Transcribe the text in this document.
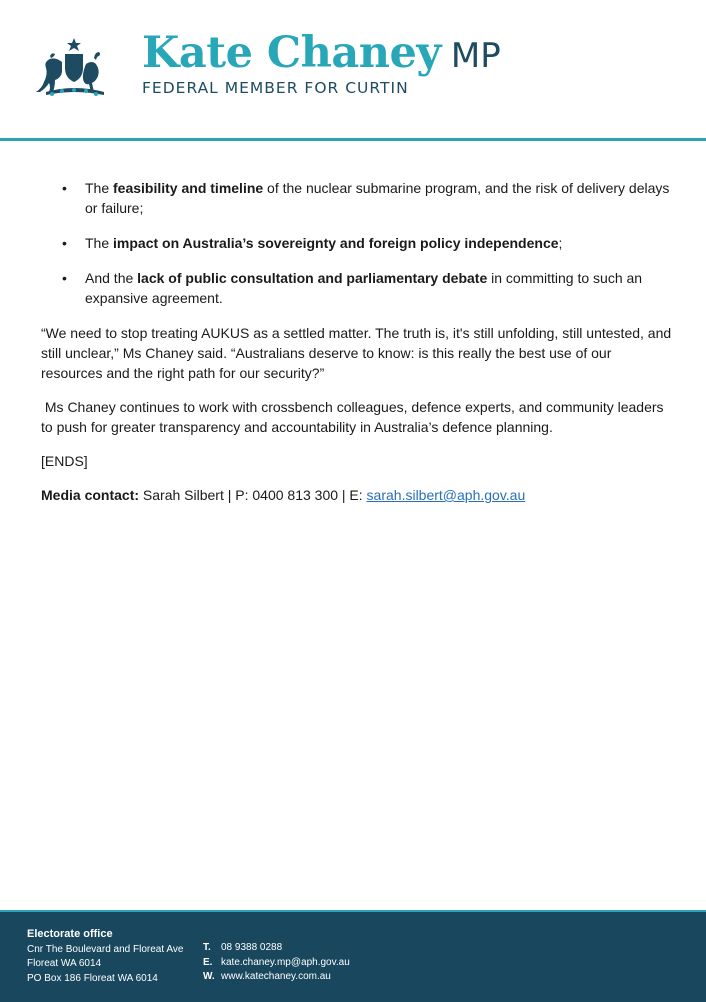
Kate Chaney MP
FEDERAL MEMBER FOR CURTIN
• The feasibility and timeline of the nuclear submarine program, and the risk of delivery delays or failure;
• The impact on Australia’s sovereignty and foreign policy independence;
• And the lack of public consultation and parliamentary debate in committing to such an expansive agreement.

“We need to stop treating AUKUS as a settled matter. The truth is, it's still unfolding, still untested, and still unclear,” Ms Chaney said. “Australians deserve to know: is this really the best use of our resources and the right path for our security?”

Ms Chaney continues to work with crossbench colleagues, defence experts, and community leaders to push for greater transparency and accountability in Australia’s defence planning.

[ENDS]

Media contact: Sarah Silbert | P: 0400 813 300 | E: sarah.silbert@aph.gov.au

Electorate office
Cnr The Boulevard and Floreat Ave
Floreat WA 6014
PO Box 186 Floreat WA 6014
T.	08 9388 0288
E. kate.chaney.mp@aph.gov.au
W. www.katechaney.com.au
